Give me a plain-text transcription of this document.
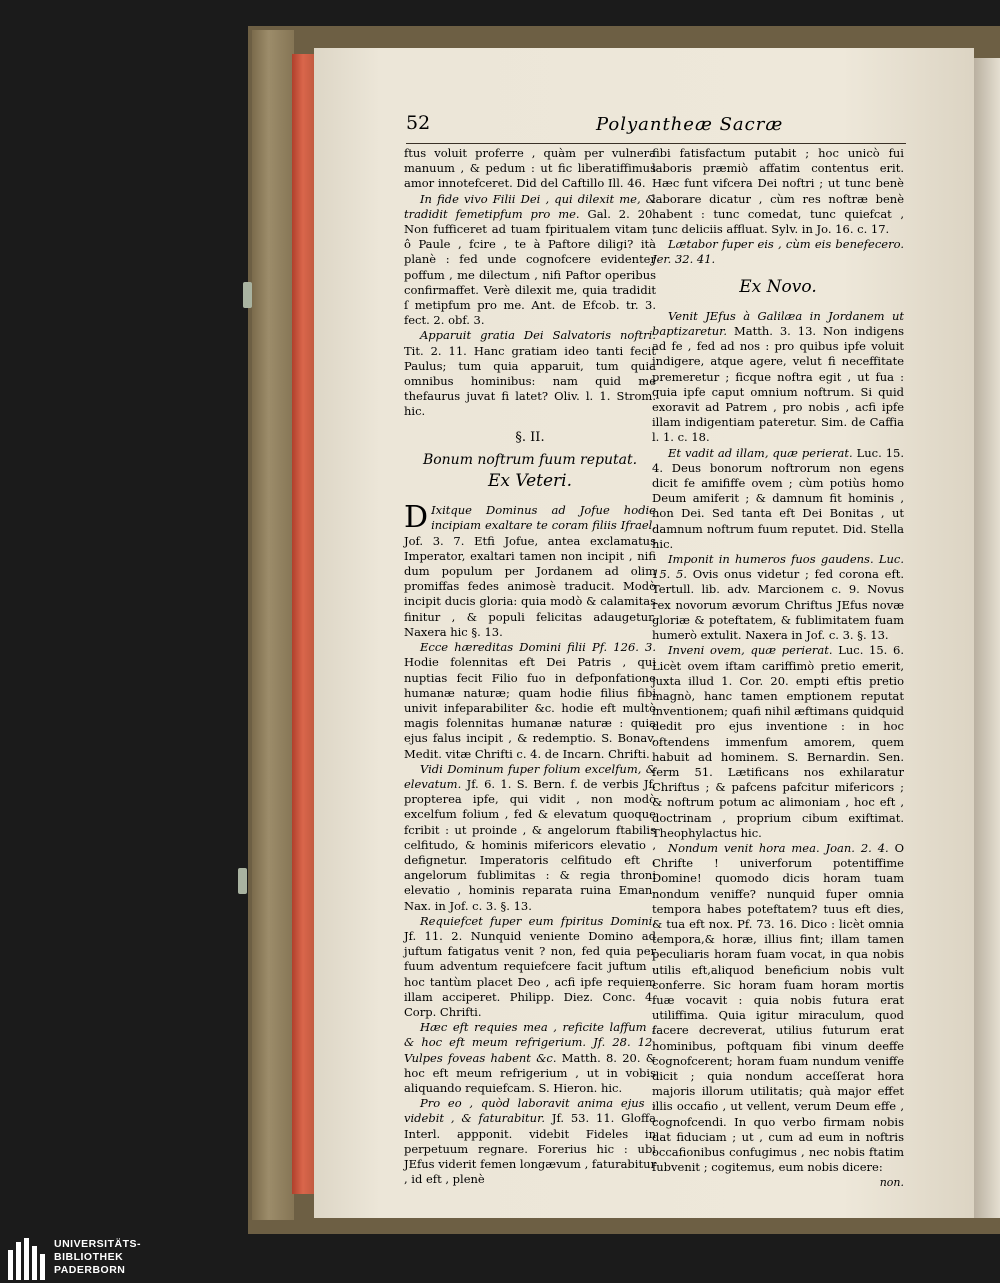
52	Polyantheæ Sacræ

ftus voluit proferre , quàm per vulnera manuum , & pedum : ut fic liberatiffimus amor innotefceret. Did del Caftillo Ill. 46.

In fide vivo Filii Dei , qui dilexit me, & tradidit femetipfum pro me. Gal. 2. 20. Non fufficeret ad tuam fpiritualem vitam , ô Paule , fcire , te à Paftore diligi? ità planè : fed unde cognofcere evidenter poffum , me dilectum , nifi Paftor operibus confirmaffet. Verè dilexit me, quia tradidit ſ metipfum pro me. Ant. de Efcob. tr. 3. fect. 2. obf. 3.

Apparuit gratia Dei Salvatoris noftri. Tit. 2. 11. Hanc gratiam ideo tanti fecit Paulus; tum quia apparuit, tum quia omnibus hominibus: nam quid me thefaurus juvat fi latet? Oliv. l. 1. Strom. hic.

§. II.
Bonum noftrum fuum reputat.
Ex Veteri.

D Ixitque Dominus ad Jofue hodie incipiam exaltare te coram filiis Ifrael. Jof. 3. 7. Etfi Jofue, antea exclamatus Imperator, exaltari tamen non incipit , nifi dum populum per Jordanem ad olim promiffas fedes animosè traducit. Modò incipit ducis gloria: quia modò & calamitas finitur , & populi felicitas adaugetur. Naxera hic §. 13.

Ecce hæreditas Domini filii Pf. 126. 3. Hodie folennitas eft Dei Patris , qui nuptias fecit Filio fuo in defponfatione humanæ naturæ; quam hodie filius fibi univit infeparabiliter &c. hodie eft multò magis folennitas humanæ naturæ : quia ejus falus incipit , & redemptio. S. Bonav. Medit. vitæ Chrifti c. 4. de Incarn. Chrifti.

Vidi Dominum fuper folium excelfum, & elevatum. Jf. 6. 1. S. Bern. f. de verbis Jf. propterea ipfe, qui vidit , non modò excelfum folium , fed & elevatum quoque fcribit : ut proinde , & angelorum ftabilis celfitudo, & hominis mifericors elevatio , defignetur. Imperatoris celfitudo eft , angelorum fublimitas : & regia throni elevatio , hominis reparata ruina Eman. Nax. in Jof. c. 3. §. 13.

Requiefcet fuper eum fpiritus Domini. Jf. 11. 2. Nunquid veniente Domino ad juftum fatigatus venit ? non, fed quia per fuum adventum requiefcere facit juftum , hoc tantùm placet Deo , acfi ipfe requiem illam acciperet. Philipp. Diez. Conc. 4. Corp. Chrifti.

Hæc eft requies mea , reficite laffum ; & hoc eft meum refrigerium. Jf. 28. 12. Vulpes foveas habent &c. Matth. 8. 20. & hoc eft meum refrigerium , ut in vobis aliquando requiefcam. S. Hieron. hic.

Pro eo , quòd laboravit anima ejus , videbit , & faturabitur. Jf. 53. 11. Gloffa Interl. appponit. videbit Fideles in perpetuum regnare. Forerius hic : ubi JEfus viderit femen longævum , faturabitur , id eft , plenè

fibi fatisfactum putabit ; hoc unicò fui laboris præmiò affatim contentus erit. Hæc funt vifcera Dei noftri ; ut tunc benè laborare dicatur , cùm res noftræ benè habent : tunc comedat, tunc quiefcat , tunc deliciis affluat. Sylv. in Jo. 16. c. 17.

Lætabor fuper eis , cùm eis benefecero. Jer. 32. 41.

Ex Novo.

Venit JEfus à Galilæa in Jordanem ut baptizaretur. Matth. 3. 13. Non indigens ad fe , fed ad nos : pro quibus ipfe voluit indigere, atque agere, velut fi neceffitate premeretur ; ficque noftra egit , ut fua : quia ipfe caput omnium noftrum. Si quid exoravit ad Patrem , pro nobis , acfi ipfe illam indigentiam pateretur. Sim. de Caffia l. 1. c. 18.

Et vadit ad illam, quæ perierat. Luc. 15. 4. Deus bonorum noftrorum non egens dicit fe amififfe ovem ; cùm potiùs homo Deum amiferit ; & damnum fit hominis , non Dei. Sed tanta eft Dei Bonitas , ut damnum noftrum fuum reputet. Did. Stella hic.

Imponit in humeros fuos gaudens. Luc. 15. 5. Ovis onus videtur ; fed corona eft. Tertull. lib. adv. Marcionem c. 9. Novus rex novorum ævorum Chriftus JEfus novæ gloriæ & poteftatem, & fublimitatem fuam humerò extulit. Naxera in Jof. c. 3. §. 13.

Inveni ovem, quæ perierat. Luc. 15. 6. Licèt ovem iftam cariffimò pretio emerit, juxta illud 1. Cor. 20. empti eftis pretio magnò, hanc tamen emptionem reputat inventionem; quafi nihil æftimans quidquid dedit pro ejus inventione : in hoc oftendens immenfum amorem, quem habuit ad hominem. S. Bernardin. Sen. ferm 51. Lætificans nos exhilaratur Chriftus ; & pafcens pafcitur mifericors ; & noftrum potum ac alimoniam , hoc eft , doctrinam , proprium cibum exiftimat. Theophylactus hic.

Nondum venit hora mea. Joan. 2. 4. O Chrifte ! univerforum potentiffime Domine! quomodo dicis horam tuam nondum veniffe? nunquid fuper omnia tempora habes poteftatem? tuus eft dies, & tua eft nox. Pf. 73. 16. Dico : licèt omnia tempora,& horæ, illius fint; illam tamen peculiaris horam fuam vocat, in qua nobis utilis eft,aliquod beneficium nobis vult conferre. Sic horam fuam horam mortis fuæ vocavit : quia nobis futura erat utiliffima. Quia igitur miraculum, quod facere decreverat, utilius futurum erat hominibus, poftquam fibi vinum deeffe cognofcerent; horam fuam nundum veniffe dicit ; quia nondum acceſſerat hora majoris illorum utilitatis; quà major effet illis occafio , ut vellent, verum Deum effe , cognofcendi. In quo verbo firmam nobis dat fiduciam ; ut , cum ad eum in noftris occafionibus confugimus , nec nobis ftatim fubvenit ; cogitemus, eum nobis dicere:

non.
UNIVERSITÄTS-
BIBLIOTHEK
PADERBORN
